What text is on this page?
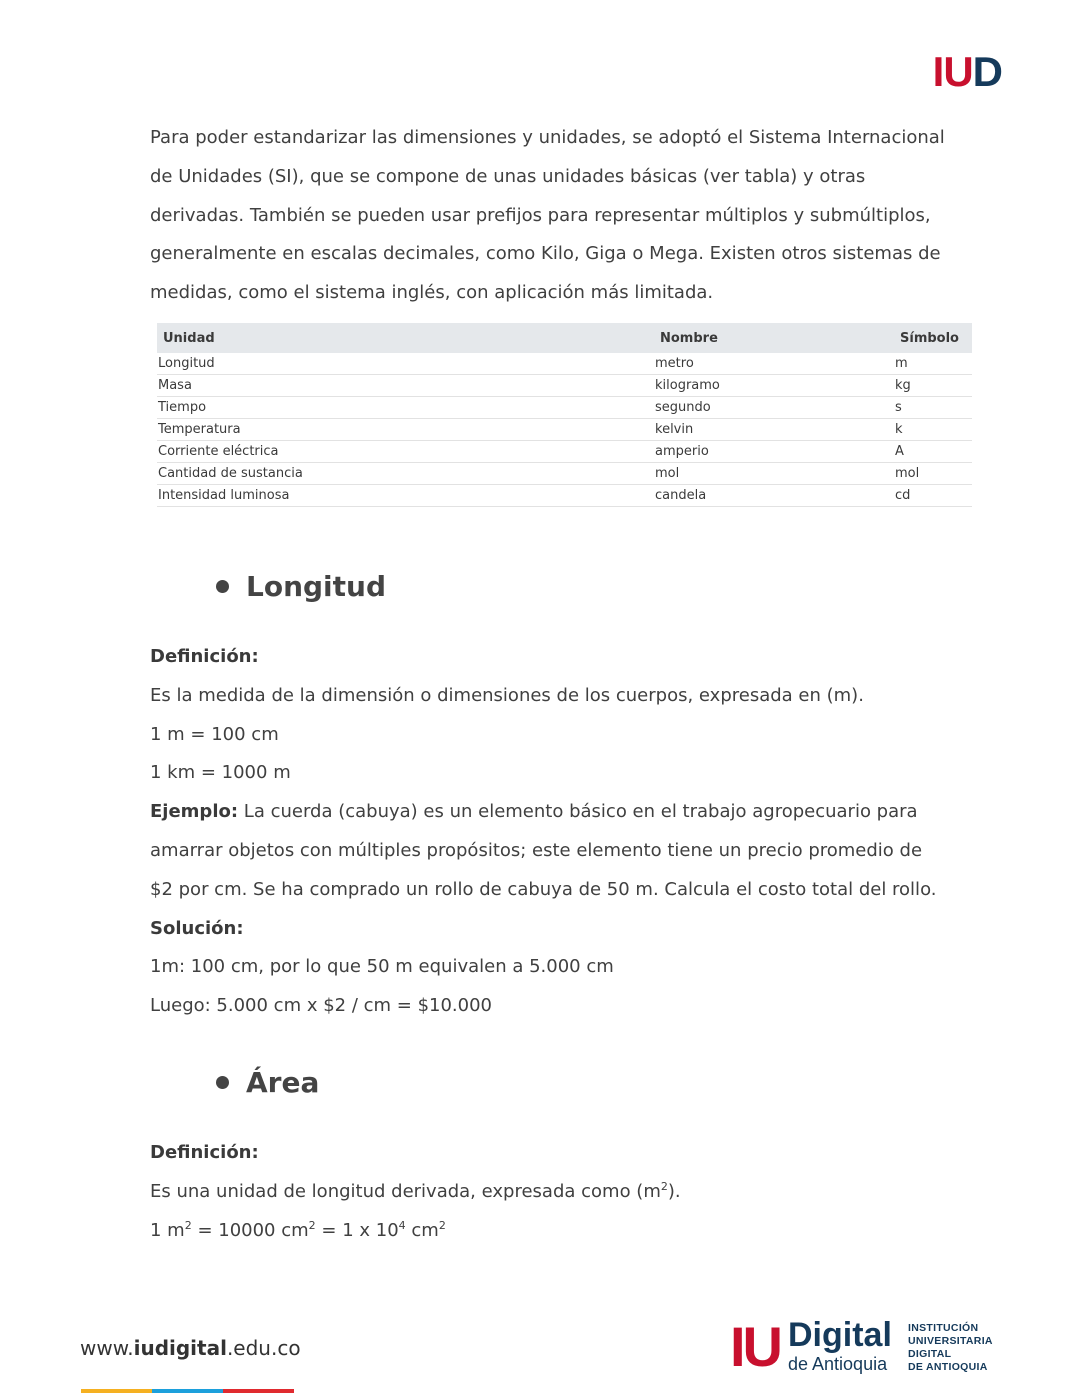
IUD

Para poder estandarizar las dimensiones y unidades, se adoptó el Sistema Internacional de Unidades (SI), que se compone de unas unidades básicas (ver tabla) y otras derivadas. También se pueden usar prefijos para representar múltiplos y submúltiplos, generalmente en escalas decimales, como Kilo, Giga o Mega. Existen otros sistemas de medidas, como el sistema inglés, con aplicación más limitada.

Unidad	Nombre	Símbolo
Longitud	metro	m
Masa	kilogramo	kg
Tiempo	segundo	s
Temperatura	kelvin	k
Corriente eléctrica	amperio	A
Cantidad de sustancia	mol	mol
Intensidad luminosa	candela	cd
Longitud

Definición:

Es la medida de la dimensión o dimensiones de los cuerpos, expresada en (m).

1 m = 100 cm

1 km = 1000 m

Ejemplo: La cuerda (cabuya) es un elemento básico en el trabajo agropecuario para amarrar objetos con múltiples propósitos; este elemento tiene un precio promedio de $2 por cm. Se ha comprado un rollo de cabuya de 50 m. Calcula el costo total del rollo.

Solución:

1m: 100 cm, por lo que 50 m equivalen a 5.000 cm

Luego: 5.000 cm x $2 / cm = $10.000

Área

Definición:

Es una unidad de longitud derivada, expresada como $(m^2)$.

1 $m^2 = 10000$ $cm^2 = 1$ x $10^4$ $cm^2$

www.iudigital.edu.co	IU Digital
de Antioquia
INSTITUCIÓN
UNIVERSITARIA
DIGITAL
DE ANTIOQUIA
